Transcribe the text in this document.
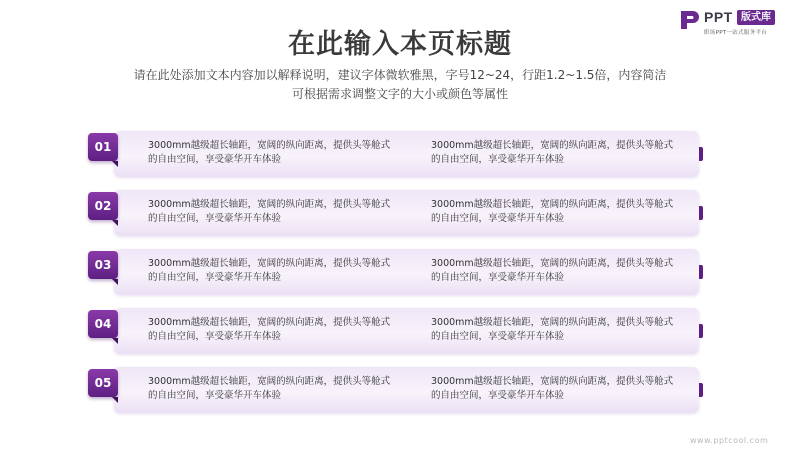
PPT 版式库
职场PPT一站式服务平台
在此输入本页标题
请在此处添加文本内容加以解释说明，建议字体微软雅黑，字号12~24，行距1.2~1.5倍，内容简洁
可根据需求调整文字的大小或颜色等属性
01	3000mm越级超长轴距，宽阔的纵向距离，提供头等舱式的自由空间，享受豪华开车体验
3000mm越级超长轴距，宽阔的纵向距离，提供头等舱式的自由空间，享受豪华开车体验
02	3000mm越级超长轴距，宽阔的纵向距离，提供头等舱式的自由空间，享受豪华开车体验
3000mm越级超长轴距，宽阔的纵向距离，提供头等舱式的自由空间，享受豪华开车体验
03	3000mm越级超长轴距，宽阔的纵向距离，提供头等舱式的自由空间，享受豪华开车体验
3000mm越级超长轴距，宽阔的纵向距离，提供头等舱式的自由空间，享受豪华开车体验
04	3000mm越级超长轴距，宽阔的纵向距离，提供头等舱式的自由空间，享受豪华开车体验
3000mm越级超长轴距，宽阔的纵向距离，提供头等舱式的自由空间，享受豪华开车体验
05	3000mm越级超长轴距，宽阔的纵向距离，提供头等舱式的自由空间，享受豪华开车体验
3000mm越级超长轴距，宽阔的纵向距离，提供头等舱式的自由空间，享受豪华开车体验
www.pptcool.com
